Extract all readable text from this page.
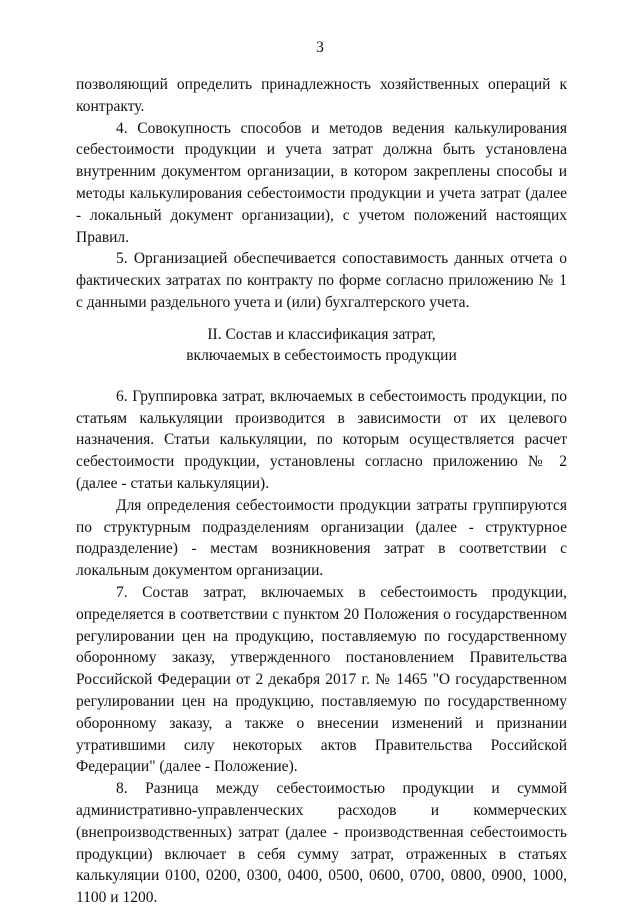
3

позволяющий определить принадлежность хозяйственных операций к контракту.

4. Совокупность способов и методов ведения калькулирования себестоимости продукции и учета затрат должна быть установлена внутренним документом организации, в котором закреплены способы и методы калькулирования себестоимости продукции и учета затрат (далее - локальный документ организации), с учетом положений настоящих Правил.

5. Организацией обеспечивается сопоставимость данных отчета о фактических затратах по контракту по форме согласно приложению № 1 с данными раздельного учета и (или) бухгалтерского учета.

II. Состав и классификация затрат,
включаемых в себестоимость продукции

6. Группировка затрат, включаемых в себестоимость продукции, по статьям калькуляции производится в зависимости от их целевого назначения. Статьи калькуляции, по которым осуществляется расчет себестоимости продукции, установлены согласно приложению № 2 (далее - статьи калькуляции).

Для определения себестоимости продукции затраты группируются по структурным подразделениям организации (далее - структурное подразделение) - местам возникновения затрат в соответствии с локальным документом организации.

7. Состав затрат, включаемых в себестоимость продукции, определяется в соответствии с пунктом 20 Положения о государственном регулировании цен на продукцию, поставляемую по государственному оборонному заказу, утвержденного постановлением Правительства Российской Федерации от 2 декабря 2017 г. № 1465 "О государственном регулировании цен на продукцию, поставляемую по государственному оборонному заказу, а также о внесении изменений и признании утратившими силу некоторых актов Правительства Российской Федерации" (далее - Положение).

8. Разница между себестоимостью продукции и суммой административно-управленческих расходов и коммерческих (внепроизводственных) затрат (далее - производственная себестоимость продукции) включает в себя сумму затрат, отраженных в статьях калькуляции 0100, 0200, 0300, 0400, 0500, 0600, 0700, 0800, 0900, 1000, 1100 и 1200.
